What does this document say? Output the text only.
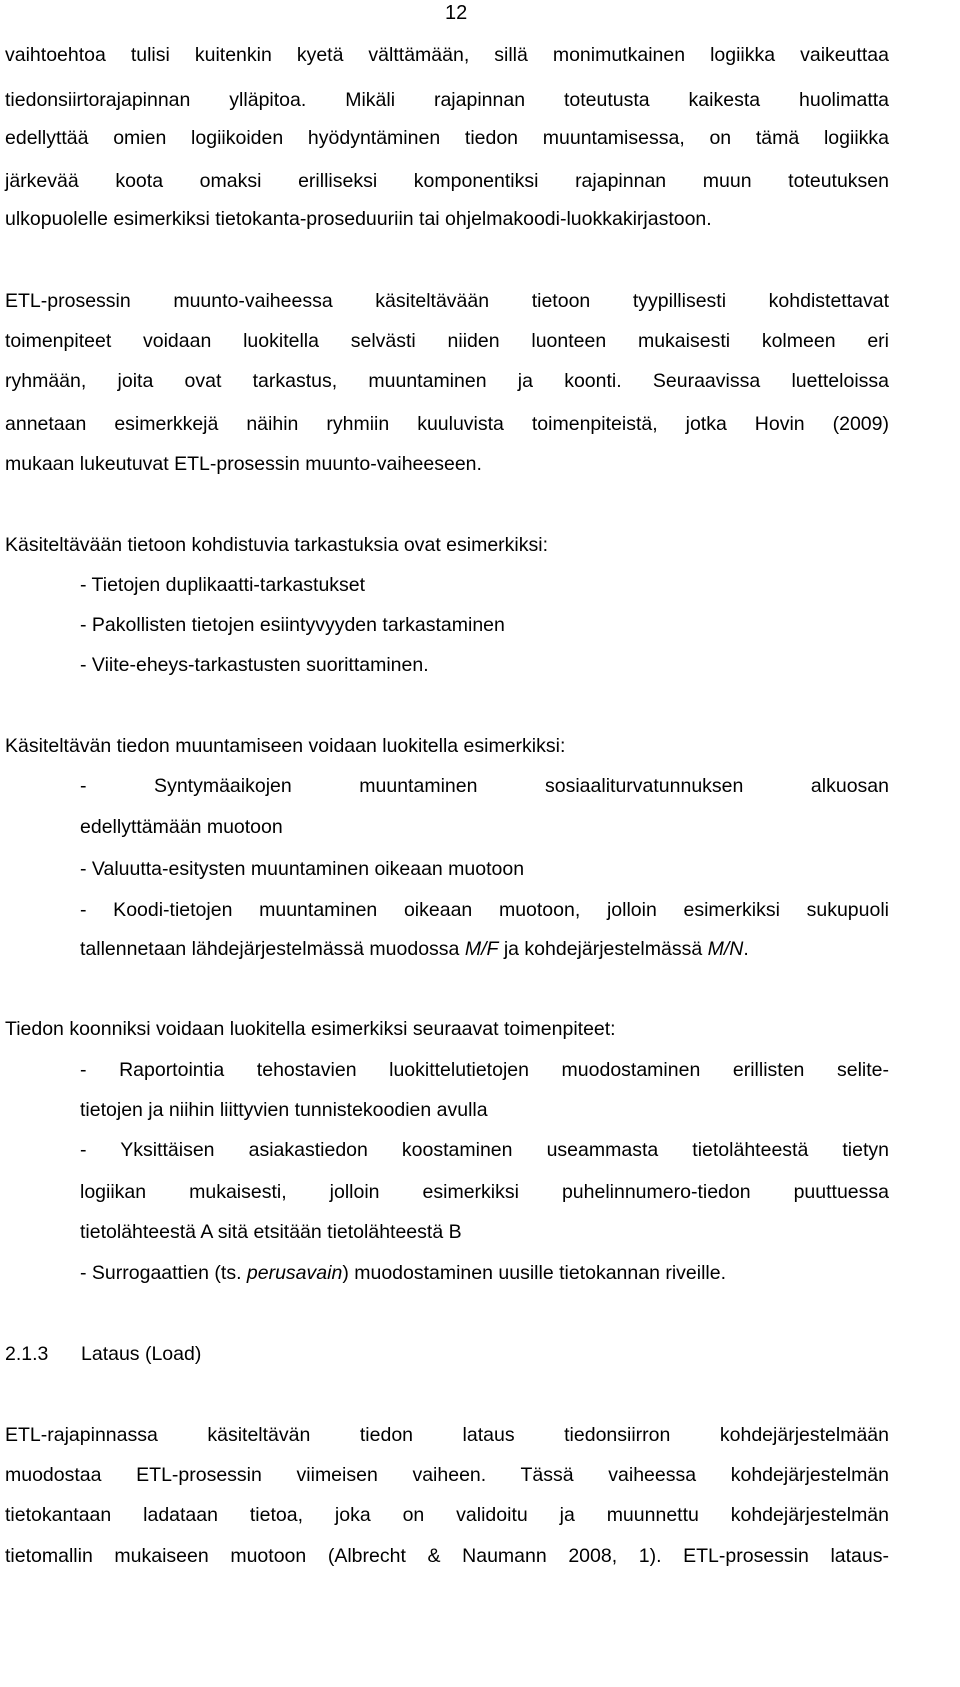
12
vaihtoehtoa tulisi kuitenkin kyetä välttämään, sillä monimutkainen logiikka vaikeuttaa
tiedonsiirtorajapinnan ylläpitoa. Mikäli rajapinnan toteutusta kaikesta huolimatta
edellyttää omien logiikoiden hyödyntäminen tiedon muuntamisessa, on tämä logiikka
järkevää koota omaksi erilliseksi komponentiksi rajapinnan muun toteutuksen
ulkopuolelle esimerkiksi tietokanta-proseduuriin tai ohjelmakoodi-luokkakirjastoon.
ETL-prosessin muunto-vaiheessa käsiteltävään tietoon tyypillisesti kohdistettavat
toimenpiteet voidaan luokitella selvästi niiden luonteen mukaisesti kolmeen eri
ryhmään, joita ovat tarkastus, muuntaminen ja koonti. Seuraavissa luetteloissa
annetaan esimerkkejä näihin ryhmiin kuuluvista toimenpiteistä, jotka Hovin (2009)
mukaan lukeutuvat ETL-prosessin muunto-vaiheeseen.
Käsiteltävään tietoon kohdistuvia tarkastuksia ovat esimerkiksi:
- Tietojen duplikaatti-tarkastukset
- Pakollisten tietojen esiintyvyyden tarkastaminen
- Viite-eheys-tarkastusten suorittaminen.
Käsiteltävän tiedon muuntamiseen voidaan luokitella esimerkiksi:
- Syntymäaikojen muuntaminen sosiaaliturvatunnuksen alkuosan
edellyttämään muotoon
- Valuutta-esitysten muuntaminen oikeaan muotoon
- Koodi-tietojen muuntaminen oikeaan muotoon, jolloin esimerkiksi sukupuoli
tallennetaan lähdejärjestelmässä muodossa M/F ja kohdejärjestelmässä M/N.
Tiedon koonniksi voidaan luokitella esimerkiksi seuraavat toimenpiteet:
- Raportointia tehostavien luokittelutietojen muodostaminen erillisten selite-
tietojen ja niihin liittyvien tunnistekoodien avulla
- Yksittäisen asiakastiedon koostaminen useammasta tietolähteestä tietyn
logiikan mukaisesti, jolloin esimerkiksi puhelinnumero-tiedon puuttuessa
tietolähteestä A sitä etsitään tietolähteestä B
- Surrogaattien (ts. perusavain) muodostaminen uusille tietokannan riveille.
2.1.3 Lataus (Load)
ETL-rajapinnassa käsiteltävän tiedon lataus tiedonsiirron kohdejärjestelmään
muodostaa ETL-prosessin viimeisen vaiheen. Tässä vaiheessa kohdejärjestelmän
tietokantaan ladataan tietoa, joka on validoitu ja muunnettu kohdejärjestelmän
tietomallin mukaiseen muotoon (Albrecht & Naumann 2008, 1). ETL-prosessin lataus-
